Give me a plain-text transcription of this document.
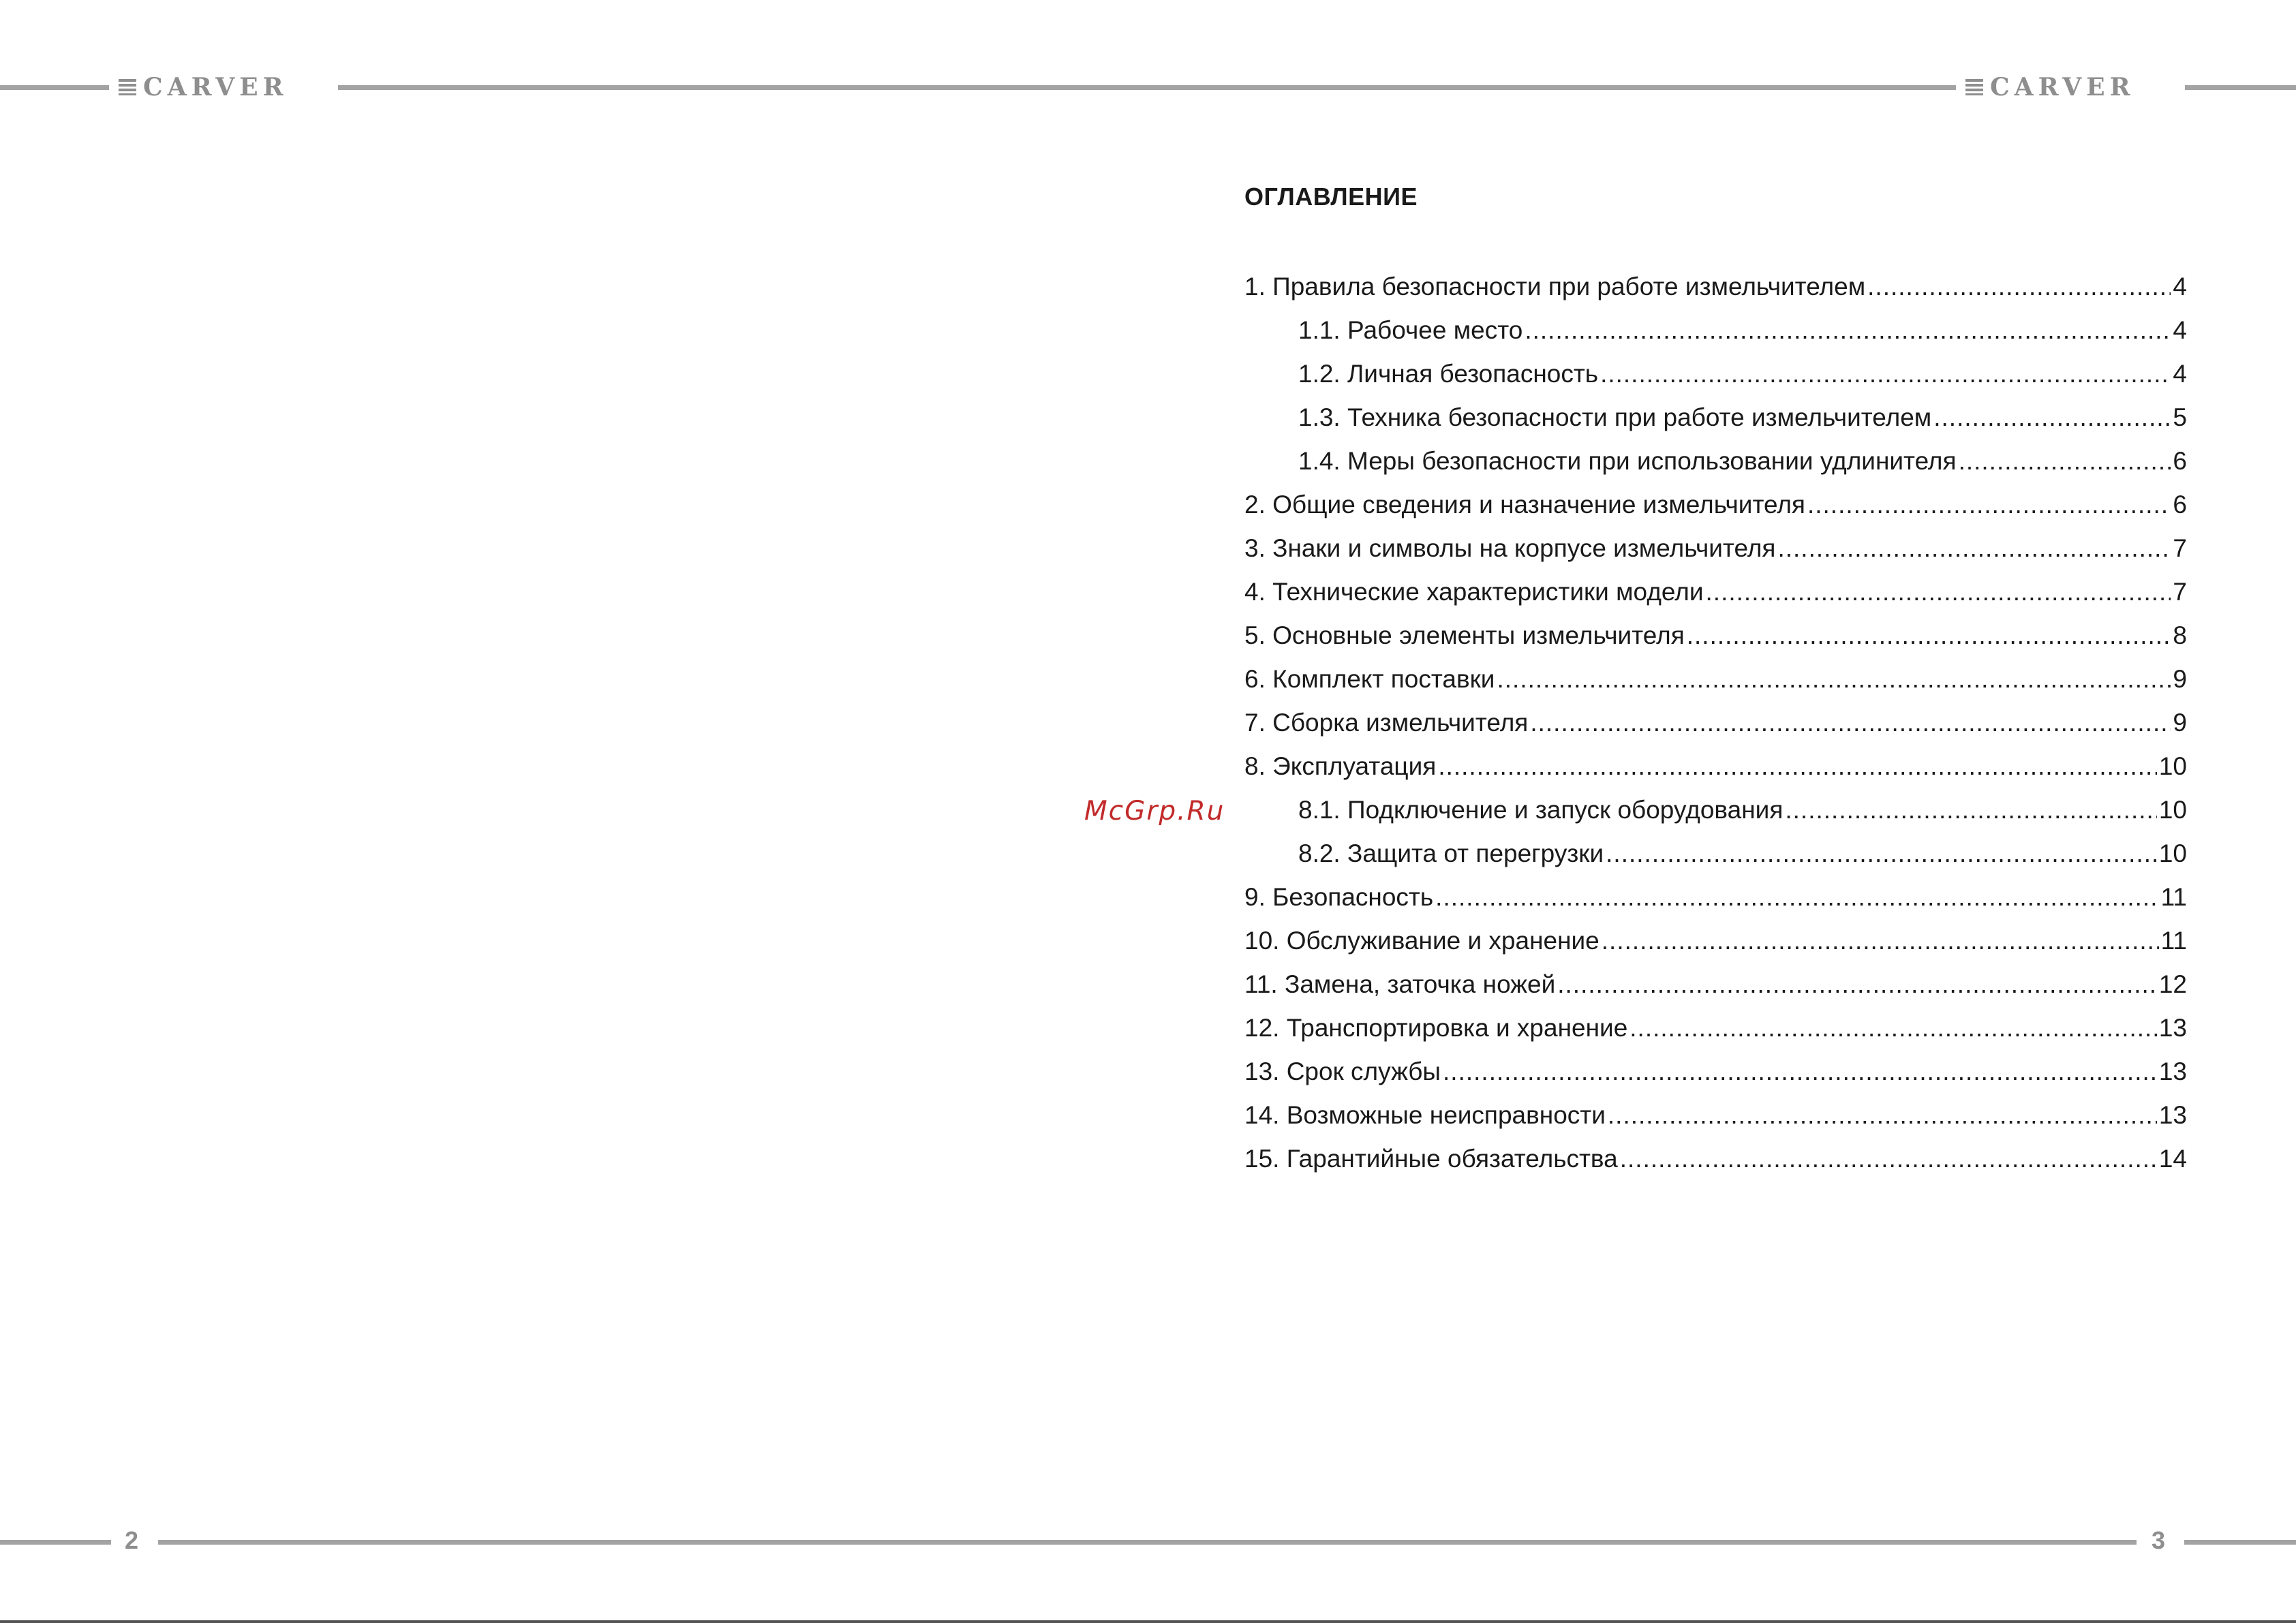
CARVER	CARVER
ОГЛАВЛЕНИЕ
1. Правила безопасности при работе измельчителем .....	4
1.1. Рабочее место .....	4
1.2. Личная безопасность .....	4
1.3. Техника безопасности при работе измельчителем .....	5
1.4. Меры безопасности при использовании удлинителя .....	6
2. Общие сведения и назначение измельчителя .....	6
3. Знаки и символы на корпусе измельчителя .....	7
4. Технические характеристики модели .....	7
5. Основные элементы измельчителя .....	8
6. Комплект поставки .....	9
7. Сборка измельчителя .....	9
8. Эксплуатация .....	10
8.1. Подключение и запуск оборудования .....	10
8.2. Защита от перегрузки .....	10
9. Безопасность .....	11
10. Обслуживание и хранение .....	11
11. Замена, заточка ножей .....	12
12. Транспортировка и хранение .....	13
13. Срок службы .....	13
14. Возможные неисправности .....	13
15. Гарантийные обязательства .....	14
McGrp.Ru
2	3
